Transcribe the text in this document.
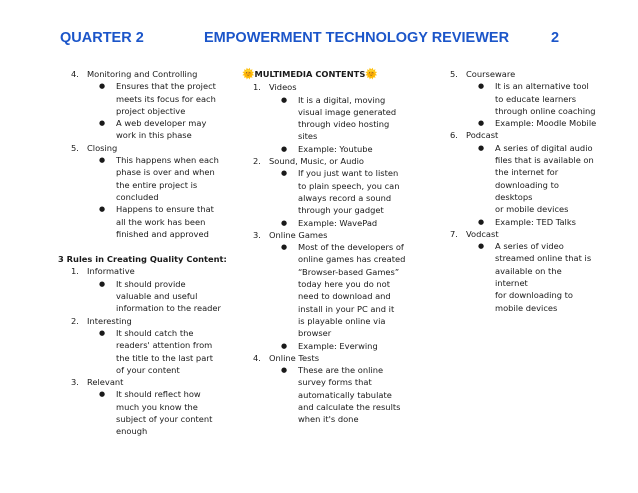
QUARTER 2	EMPOWERMENT TECHNOLOGY REVIEWER	2
4. Monitoring and Controlling
● Ensures that the project
meets its focus for each
project objective
● A web developer may
work in this phase
5. Closing
● This happens when each
phase is over and when
the entire project is
concluded
● Happens to ensure that
all the work has been
finished and approved
3 Rules in Creating Quality Content:
1. Informative
● It should provide
valuable and useful
information to the reader
2. Interesting
● It should catch the
readers' attention from
the title to the last part
of your content
3. Relevant
● It should reflect how
much you know the
subject of your content
enough
🌞MULTIMEDIA CONTENTS🌞
1. Videos
● It is a digital, moving
visual image generated
through video hosting
sites
● Example: Youtube
2. Sound, Music, or Audio
● If you just want to listen
to plain speech, you can
always record a sound
through your gadget
● Example: WavePad
3. Online Games
● Most of the developers of
online games has created
“Browser-based Games”
today here you do not
need to download and
install in your PC and it
is playable online via
browser
● Example: Everwing
4. Online Tests
● These are the online
survey forms that
automatically tabulate
and calculate the results
when it's done
5. Courseware
● It is an alternative tool
to educate learners
through online coaching
● Example: Moodle Mobile
6. Podcast
● A series of digital audio
files that is available on
the internet for
downloading to desktops
or mobile devices
● Example: TED Talks
7. Vodcast
● A series of video
streamed online that is
available on the internet
for downloading to
mobile devices
